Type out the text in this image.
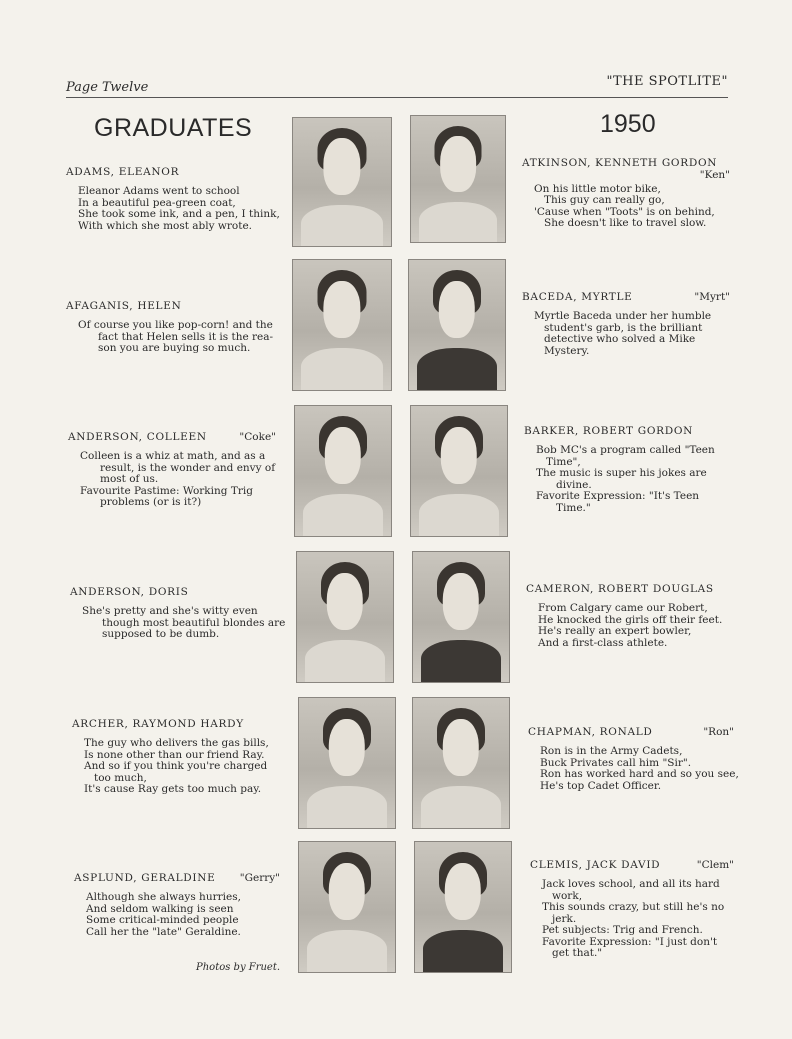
Page Twelve	"THE SPOTLITE"
GRADUATES	1950
ADAMS, ELEANOR
Eleanor Adams went to school
In a beautiful pea-green coat,
She took some ink, and a pen, I think,
With which she most ably wrote.
AFAGANIS, HELEN
Of course you like pop-corn! and the
fact that Helen sells it is the rea-
son you are buying so much.
ANDERSON, COLLEEN	"Coke"
Colleen is a whiz at math, and as a
result, is the wonder and envy of
most of us.
Favourite Pastime: Working Trig
problems (or is it?)
ANDERSON, DORIS
She's pretty and she's witty even
though most beautiful blondes are
supposed to be dumb.
ARCHER, RAYMOND HARDY
The guy who delivers the gas bills,
Is none other than our friend Ray.
And so if you think you're charged
too much,
It's cause Ray gets too much pay.
ASPLUND, GERALDINE "Gerry"
Although she always hurries,
And seldom walking is seen
Some critical-minded people
Call her the "late" Geraldine.
Photos by Fruet.
ATKINSON, KENNETH GORDON
"Ken"
On his little motor bike,
This guy can really go,
'Cause when "Toots" is on behind,
She doesn't like to travel slow.
BACEDA, MYRTLE	"Myrt"
Myrtle Baceda under her humble
student's garb, is the brilliant
detective who solved a Mike
Mystery.
BARKER, ROBERT GORDON
Bob MC's a program called "Teen
Time",
The music is super his jokes are
divine.
Favorite Expression: "It's Teen
Time."
CAMERON, ROBERT DOUGLAS
From Calgary came our Robert,
He knocked the girls off their feet.
He's really an expert bowler,
And a first-class athlete.
CHAPMAN, RONALD	"Ron"
Ron is in the Army Cadets,
Buck Privates call him "Sir".
Ron has worked hard and so you see,
He's top Cadet Officer.
CLEMIS, JACK DAVID	"Clem"
Jack loves school, and all its hard
work,
This sounds crazy, but still he's no
jerk.
Pet subjects: Trig and French.
Favorite Expression: "I just don't
get that."
